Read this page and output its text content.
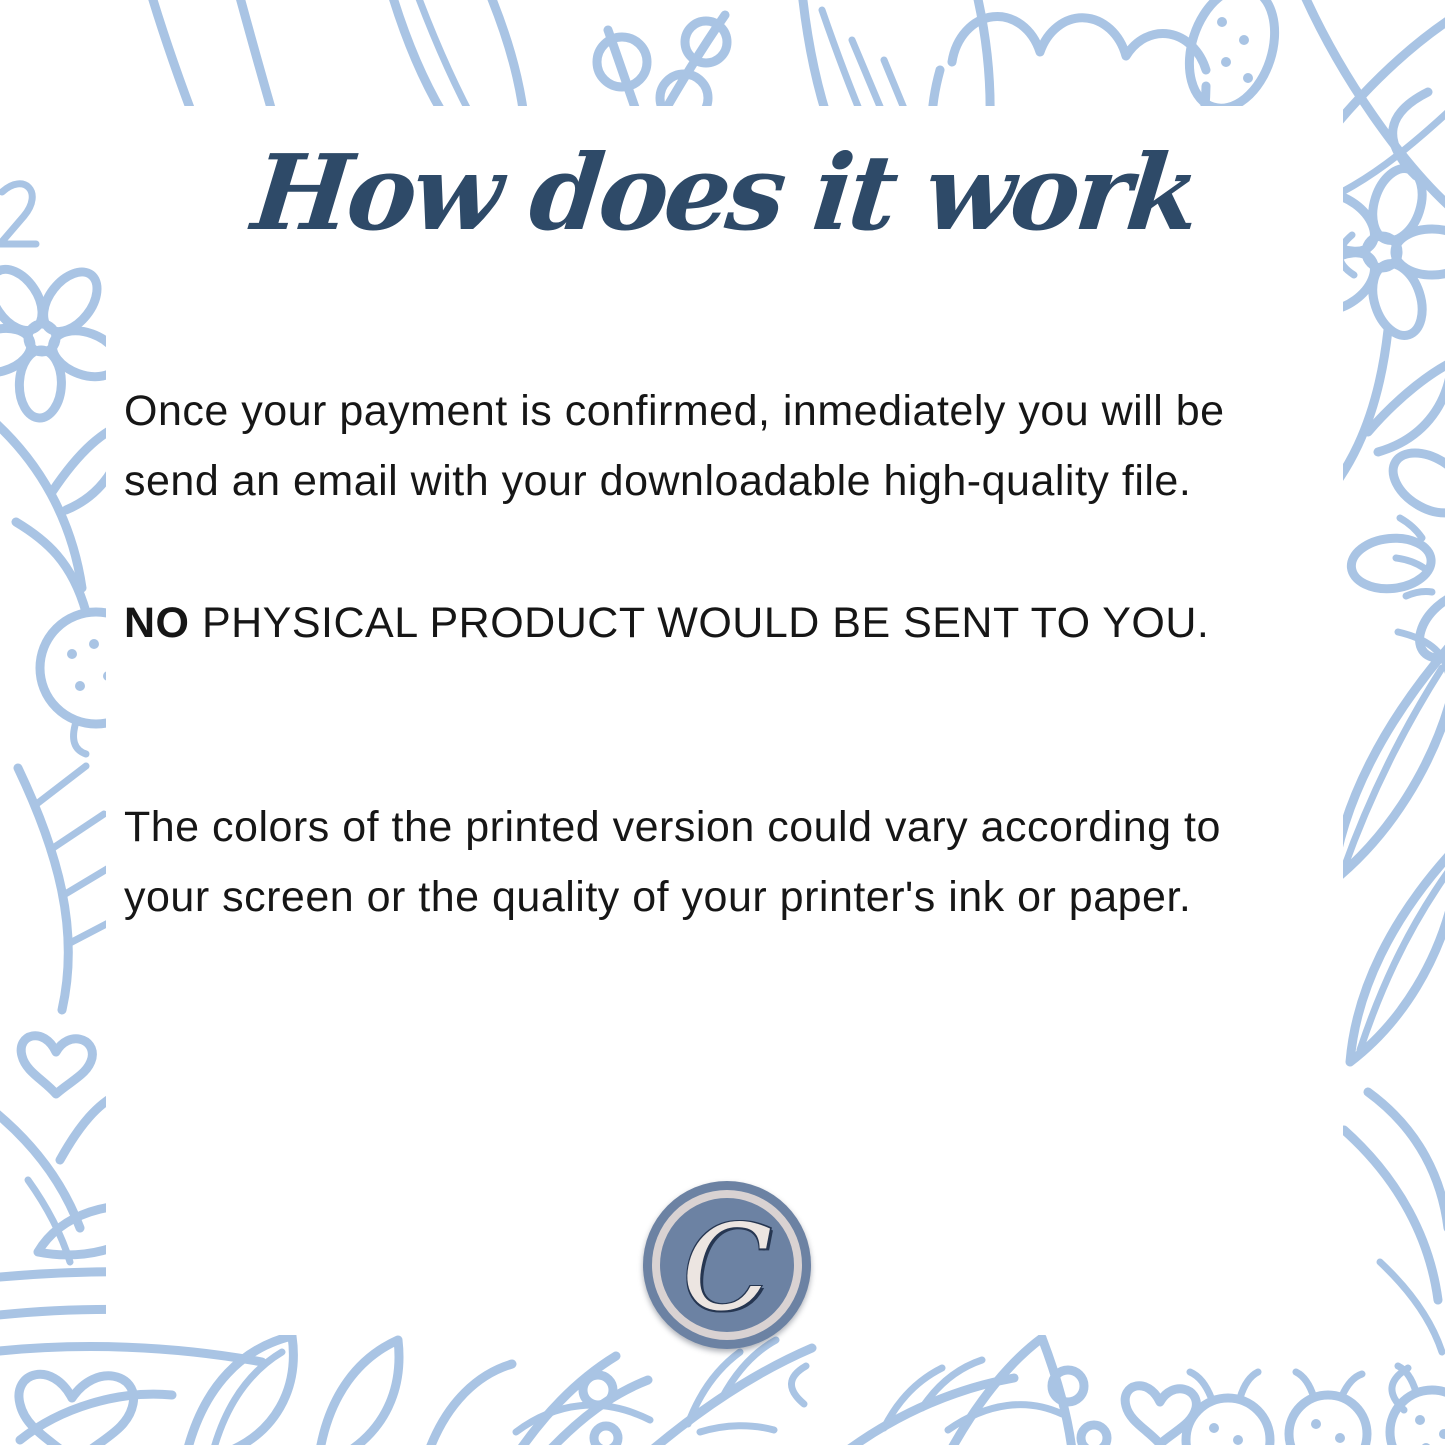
How does it work
Once your payment is confirmed, inmediately you will be
send an email with your downloadable high-quality file.
NO PHYSICAL PRODUCT WOULD BE SENT TO YOU.
The colors of the printed version could vary according to
your screen or the quality of your printer's ink or paper.
C
